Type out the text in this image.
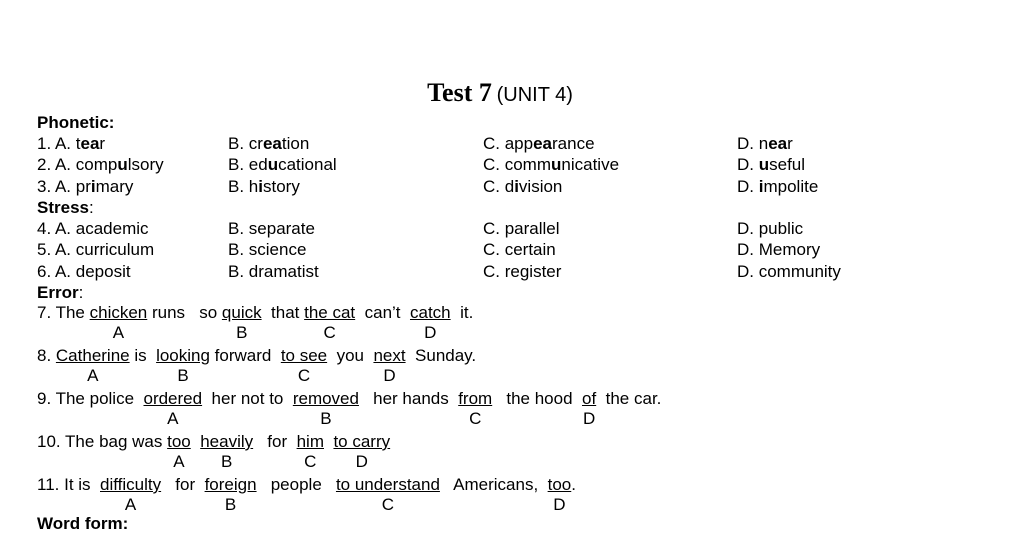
Test 7 (UNIT 4)
Phonetic:
1. A. tear	B. creation	C. appearance	D. near
2. A. compulsory	B. educational	C. communicative	D. useful
3. A. primary	B. history	C. division	D. impolite
Stress:
4. A. academic	B. separate	C. parallel	D. public
5. A. curriculum	B. science	C. certain	D. Memory
6. A. deposit	B. dramatist	C. register	D. community
Error:
7. The chicken
A
runs   so quick
B
that the cat
C
can’t  catch
D
it.
8. Catherine
A
is  looking
B
forward  to see
C
you  next
D
Sunday.
9. The police  ordered
A
her not to  removed
B
her hands  from
C
the hood  of
D
the car.
10. The bag was too
A
heavily
B
for  him
C
to carry
D
11. It is  difficulty
A
for  foreign
B
people   to understand
C
Americans,  too
D
.
Word form:
